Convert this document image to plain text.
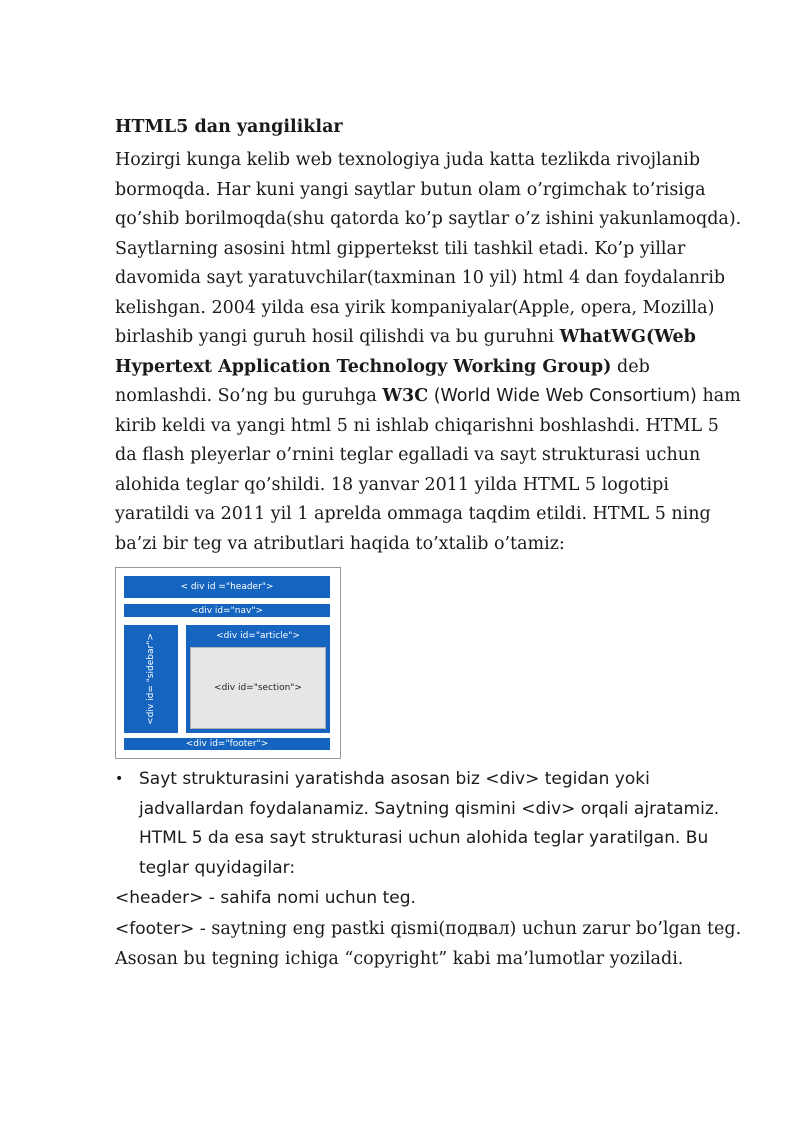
HTML5 dan yangiliklar

Hozirgi kunga kelib web texnologiya juda katta tezlikda rivojlanib bormoqda. Har kuni yangi saytlar butun olam o’rgimchak to’risiga qo’shib borilmoqda(shu qatorda ko’p saytlar o’z ishini yakunlamoqda). Saytlarning asosini html gippertekst tili tashkil etadi. Ko’p yillar davomida sayt yaratuvchilar(taxminan 10 yil) html 4 dan foydalanrib kelishgan. 2004 yilda esa yirik kompaniyalar(Apple, opera, Mozilla) birlashib yangi guruh hosil qilishdi va bu guruhni WhatWG(Web Hypertext Application Technology Working Group) deb nomlashdi. So’ng bu guruhga W3C (World Wide Web Consortium) ham kirib keldi va yangi html 5 ni ishlab chiqarishni boshlashdi. HTML 5 da flash pleyerlar o’rnini teglar egalladi va sayt strukturasi uchun alohida teglar qo’shildi. 18 yanvar 2011 yilda HTML 5 logotipi yaratildi va 2011 yil 1 aprelda ommaga taqdim etildi. HTML 5 ning ba’zi bir teg va atributlari haqida to’xtalib o’tamiz:

< div id ="header">
<div id="nav">
<div id= "sidebar">	<div id="article">
<div id="section">
<div id="footer">
• Sayt strukturasini yaratishda asosan biz <div> tegidan yoki jadvallardan foydalanamiz. Saytning qismini <div> orqali ajratamiz. HTML 5 da esa sayt strukturasi uchun alohida teglar yaratilgan. Bu teglar quyidagilar:

<header> - sahifa nomi uchun teg.

<footer> - saytning eng pastki qismi(подвал) uchun zarur bo’lgan teg. Asosan bu tegning ichiga “copyright” kabi ma’lumotlar yoziladi.
